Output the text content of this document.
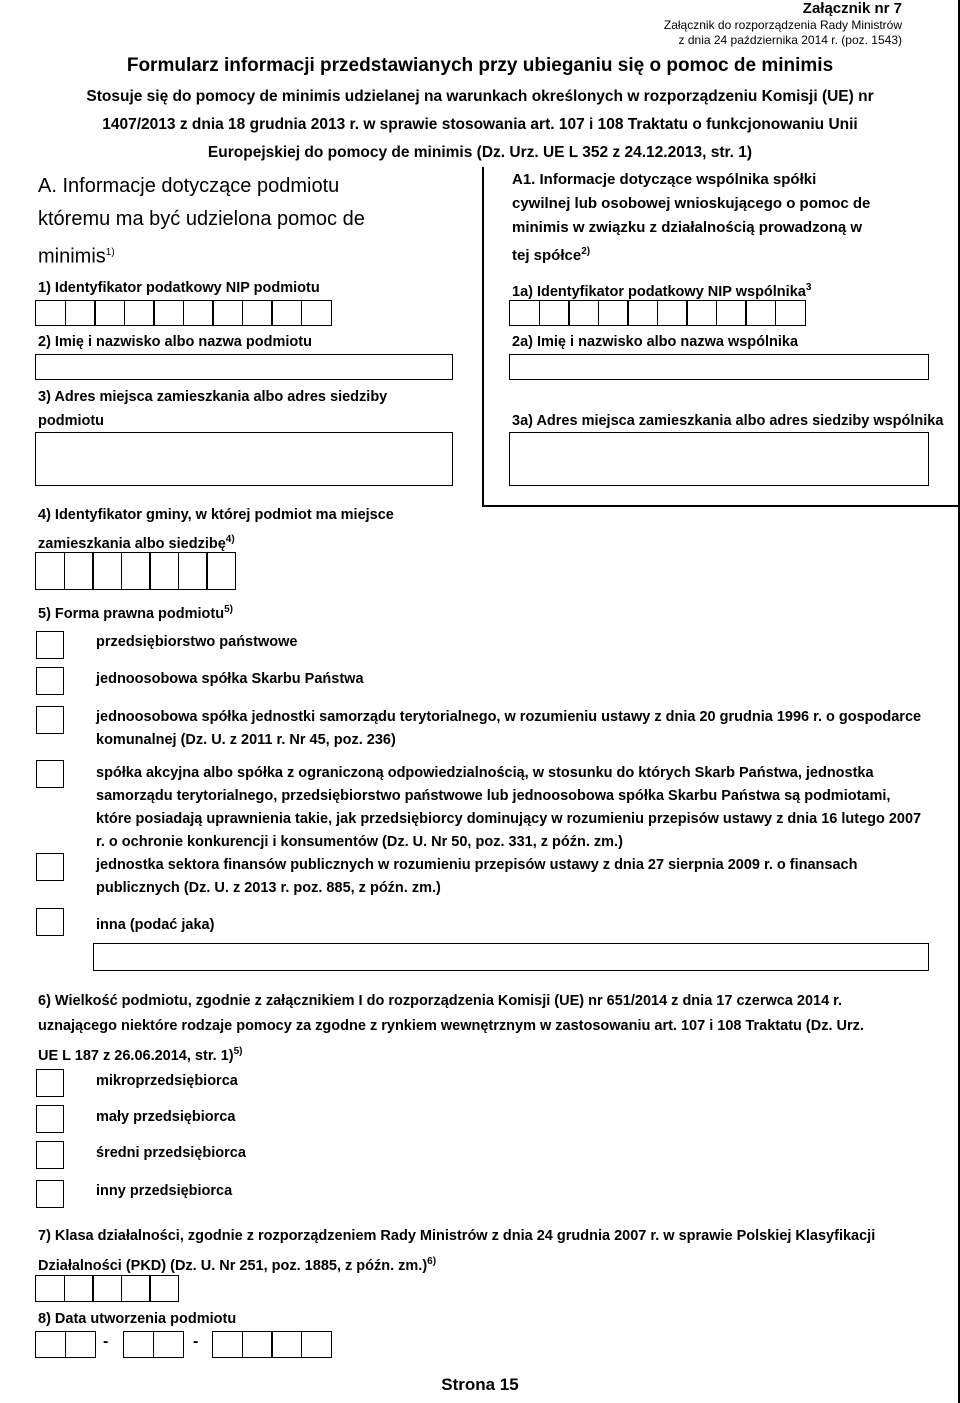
Załącznik nr 7
Załącznik do rozporządzenia Rady Ministrów
z dnia 24 października 2014 r. (poz. 1543)
Formularz informacji przedstawianych przy ubieganiu się o pomoc de minimis
Stosuje się do pomocy de minimis udzielanej na warunkach określonych w rozporządzeniu Komisji (UE) nr
1407/2013 z dnia 18 grudnia 2013 r. w sprawie stosowania art. 107 i 108 Traktatu o funkcjonowaniu Unii
Europejskiej do pomocy de minimis (Dz. Urz. UE L 352 z 24.12.2013, str. 1)
A. Informacje dotyczące podmiotu
któremu ma być udzielona pomoc de
minimis$^{1)}$
A1. Informacje dotyczące wspólnika spółki
cywilnej lub osobowej wnioskującego o pomoc de
minimis w związku z działalnością prowadzoną w
tej spółce$^{2)}$
1) Identyfikator podatkowy NIP podmiotu	1a) Identyfikator podatkowy NIP wspólnika$^3$
2) Imię i nazwisko albo nazwa podmiotu	2a) Imię i nazwisko albo nazwa wspólnika
3) Adres miejsca zamieszkania albo adres siedziby
podmiotu	3a) Adres miejsca zamieszkania albo adres siedziby wspólnika
4) Identyfikator gminy, w której podmiot ma miejsce
zamieszkania albo siedzibę$^{4)}$
5) Forma prawna podmiotu$^{5)}$
przedsiębiorstwo państwowe
jednoosobowa spółka Skarbu Państwa
jednoosobowa spółka jednostki samorządu terytorialnego, w rozumieniu ustawy z dnia 20 grudnia 1996 r. o gospodarce komunalnej (Dz. U. z 2011 r. Nr 45, poz. 236)
spółka akcyjna albo spółka z ograniczoną odpowiedzialnością, w stosunku do których Skarb Państwa, jednostka samorządu terytorialnego, przedsiębiorstwo państwowe lub jednoosobowa spółka Skarbu Państwa są podmiotami, które posiadają uprawnienia takie, jak przedsiębiorcy dominujący w rozumieniu przepisów ustawy z dnia 16 lutego 2007 r. o ochronie konkurencji i konsumentów (Dz. U. Nr 50, poz. 331, z późn. zm.)
jednostka sektora finansów publicznych w rozumieniu przepisów ustawy z dnia 27 sierpnia 2009 r. o finansach publicznych (Dz. U. z 2013 r. poz. 885, z późn. zm.)
inna (podać jaka)
6) Wielkość podmiotu, zgodnie z załącznikiem I do rozporządzenia Komisji (UE) nr 651/2014 z dnia 17 czerwca 2014 r.
uznającego niektóre rodzaje pomocy za zgodne z rynkiem wewnętrznym w zastosowaniu art. 107 i 108 Traktatu (Dz. Urz.
UE L 187 z 26.06.2014, str. 1)$^{5)}$
mikroprzedsiębiorca
mały przedsiębiorca
średni przedsiębiorca
inny przedsiębiorca
7) Klasa działalności, zgodnie z rozporządzeniem Rady Ministrów z dnia 24 grudnia 2007 r. w sprawie Polskiej Klasyfikacji
Działalności (PKD) (Dz. U. Nr 251, poz. 1885, z późn. zm.)$^{6)}$
8) Data utworzenia podmiotu
-	-
Strona 15
